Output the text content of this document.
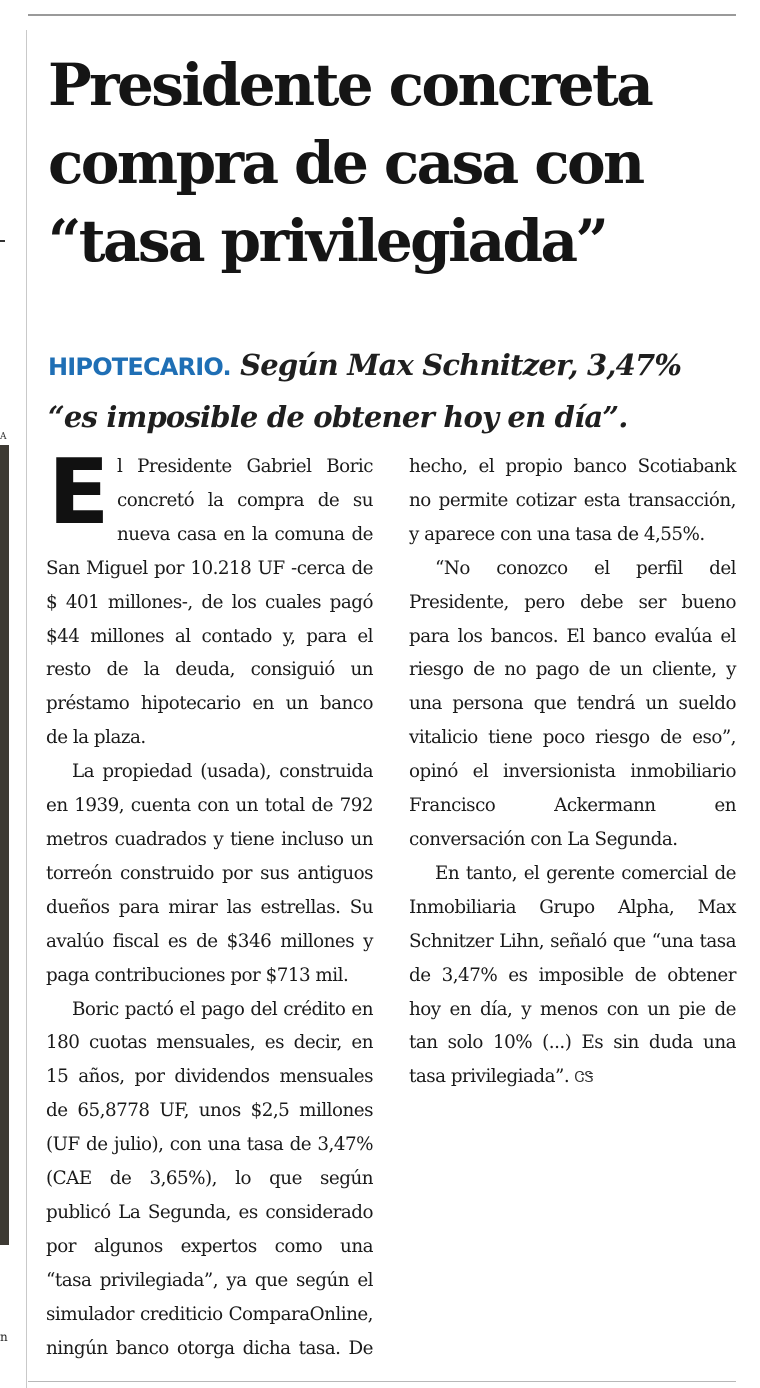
A
n
Presidente concreta compra de casa con “tasa privilegiada”
HIPOTECARIO. Según Max Schnitzer, 3,47% “es imposible de obtener hoy en día”.

El Presidente Gabriel Boric concretó la compra de su nueva casa en la comuna de San Miguel por 10.218 UF -cerca de $ 401 millones-, de los cuales pagó $44 millones al contado y, para el resto de la deuda, consiguió un préstamo hipotecario en un banco de la plaza.

La propiedad (usada), construida en 1939, cuenta con un total de 792 metros cuadrados y tiene incluso un torreón construido por sus antiguos dueños para mirar las estrellas. Su avalúo fiscal es de $346 millones y paga contribuciones por $713 mil.

Boric pactó el pago del crédito en 180 cuotas mensuales, es decir, en 15 años, por dividendos mensuales de 65,8778 UF, unos $2,5 millones (UF de julio), con una tasa de 3,47% (CAE de 3,65%), lo que según publicó La Segunda, es considerado por algunos expertos como una “tasa privilegiada”, ya que según el simulador crediticio ComparaOnline, ningún banco otorga dicha tasa. De hecho, el propio banco Scotiabank no permite cotizar esta transacción, y aparece con una tasa de 4,55%.

“No conozco el perfil del Presidente, pero debe ser bueno para los bancos. El banco evalúa el riesgo de no pago de un cliente, y una persona que tendrá un sueldo vitalicio tiene poco riesgo de eso”, opinó el inversionista inmobiliario Francisco Ackermann en conversación con La Segunda.

En tanto, el gerente comercial de Inmobiliaria Grupo Alpha, Max Schnitzer Lihn, señaló que “una tasa de 3,47% es imposible de obtener hoy en día, y menos con un pie de tan solo 10% (...) Es sin duda una tasa privilegiada”. ᏣᏕ
